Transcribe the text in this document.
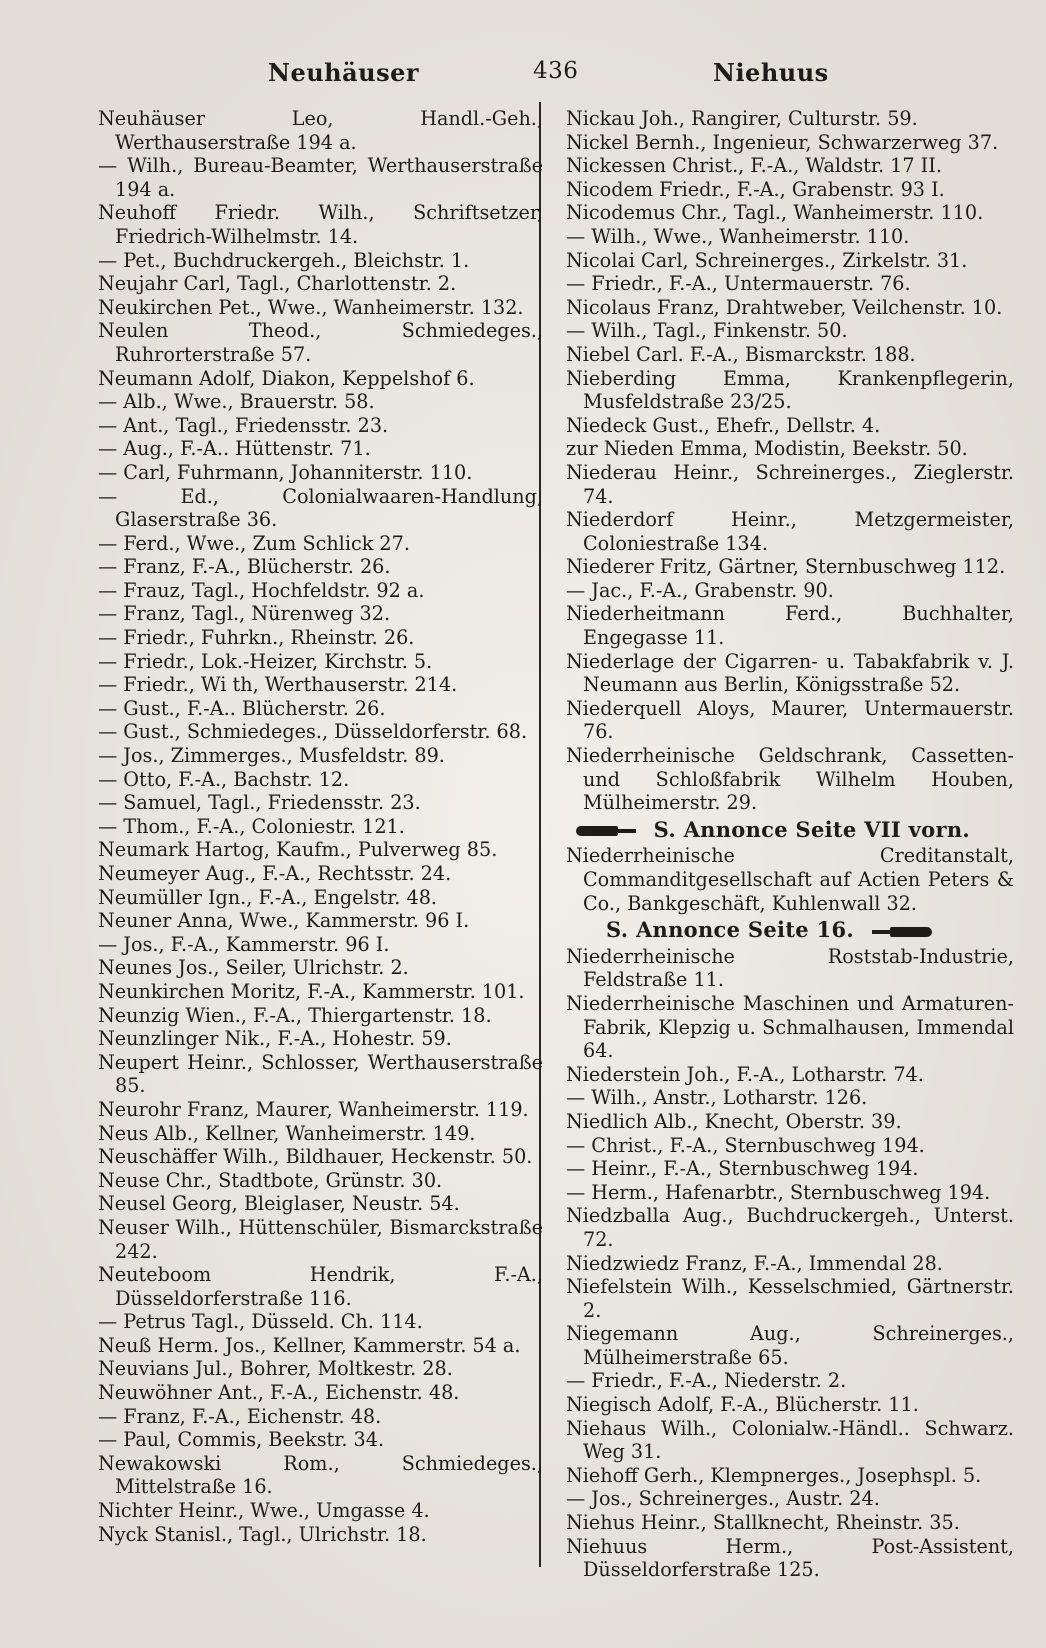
Neuhäuser	436	Niehuus

Neuhäuser Leo, Handl.-Geh., Werthauserstraße 194 a.

— Wilh., Bureau-Beamter, Werthauserstraße 194 a.

Neuhoff Friedr. Wilh., Schriftsetzer, Friedrich-Wilhelmstr. 14.

— Pet., Buchdruckergeh., Bleichstr. 1.

Neujahr Carl, Tagl., Charlottenstr. 2.

Neukirchen Pet., Wwe., Wanheimerstr. 132.

Neulen Theod., Schmiedeges., Ruhrorterstraße 57.

Neumann Adolf, Diakon, Keppelshof 6.

— Alb., Wwe., Brauerstr. 58.

— Ant., Tagl., Friedensstr. 23.

— Aug., F.-A.. Hüttenstr. 71.

— Carl, Fuhrmann, Johanniterstr. 110.

— Ed., Colonialwaaren-Handlung, Glaserstraße 36.

— Ferd., Wwe., Zum Schlick 27.

— Franz, F.-A., Blücherstr. 26.

— Frauz, Tagl., Hochfeldstr. 92 a.

— Franz, Tagl., Nürenweg 32.

— Friedr., Fuhrkn., Rheinstr. 26.

— Friedr., Lok.-Heizer, Kirchstr. 5.

— Friedr., Wi th, Werthauserstr. 214.

— Gust., F.-A.. Blücherstr. 26.

— Gust., Schmiedeges., Düsseldorferstr. 68.

— Jos., Zimmerges., Musfeldstr. 89.

— Otto, F.-A., Bachstr. 12.

— Samuel, Tagl., Friedensstr. 23.

— Thom., F.-A., Coloniestr. 121.

Neumark Hartog, Kaufm., Pulverweg 85.

Neumeyer Aug., F.-A., Rechtsstr. 24.

Neumüller Ign., F.-A., Engelstr. 48.

Neuner Anna, Wwe., Kammerstr. 96 I.

— Jos., F.-A., Kammerstr. 96 I.

Neunes Jos., Seiler, Ulrichstr. 2.

Neunkirchen Moritz, F.-A., Kammerstr. 101.

Neunzig Wien., F.-A., Thiergartenstr. 18.

Neunzlinger Nik., F.-A., Hohestr. 59.

Neupert Heinr., Schlosser, Werthauserstraße 85.

Neurohr Franz, Maurer, Wanheimerstr. 119.

Neus Alb., Kellner, Wanheimerstr. 149.

Neuschäffer Wilh., Bildhauer, Heckenstr. 50.

Neuse Chr., Stadtbote, Grünstr. 30.

Neusel Georg, Bleiglaser, Neustr. 54.

Neuser Wilh., Hüttenschüler, Bismarckstraße 242.

Neuteboom Hendrik, F.-A., Düsseldorferstraße 116.

— Petrus Tagl., Düsseld. Ch. 114.

Neuß Herm. Jos., Kellner, Kammerstr. 54 a.

Neuvians Jul., Bohrer, Moltkestr. 28.

Neuwöhner Ant., F.-A., Eichenstr. 48.

— Franz, F.-A., Eichenstr. 48.

— Paul, Commis, Beekstr. 34.

Newakowski Rom., Schmiedeges., Mittelstraße 16.

Nichter Heinr., Wwe., Umgasse 4.

Nyck Stanisl., Tagl., Ulrichstr. 18.

Nickau Joh., Rangirer, Culturstr. 59.

Nickel Bernh., Ingenieur, Schwarzerweg 37.

Nickessen Christ., F.-A., Waldstr. 17 II.

Nicodem Friedr., F.-A., Grabenstr. 93 I.

Nicodemus Chr., Tagl., Wanheimerstr. 110.

— Wilh., Wwe., Wanheimerstr. 110.

Nicolai Carl, Schreinerges., Zirkelstr. 31.

— Friedr., F.-A., Untermauerstr. 76.

Nicolaus Franz, Drahtweber, Veilchenstr. 10.

— Wilh., Tagl., Finkenstr. 50.

Niebel Carl. F.-A., Bismarckstr. 188.

Nieberding Emma, Krankenpflegerin, Musfeldstraße 23/25.

Niedeck Gust., Ehefr., Dellstr. 4.

zur Nieden Emma, Modistin, Beekstr. 50.

Niederau Heinr., Schreinerges., Zieglerstr. 74.

Niederdorf Heinr., Metzgermeister, Coloniestraße 134.

Niederer Fritz, Gärtner, Sternbuschweg 112.

— Jac., F.-A., Grabenstr. 90.

Niederheitmann Ferd., Buchhalter, Engegasse 11.

Niederlage der Cigarren- u. Tabakfabrik v. J. Neumann aus Berlin, Königsstraße 52.

Niederquell Aloys, Maurer, Untermauerstr. 76.

Niederrheinische Geldschrank, Cassetten- und Schloßfabrik Wilhelm Houben, Mülheimerstr. 29.

S. Annonce Seite VII vorn.

Niederrheinische Creditanstalt, Commanditgesellschaft auf Actien Peters & Co., Bankgeschäft, Kuhlenwall 32.

S. Annonce Seite 16.

Niederrheinische Roststab-Industrie, Feldstraße 11.

Niederrheinische Maschinen und Armaturen-Fabrik, Klepzig u. Schmalhausen, Immendal 64.

Niederstein Joh., F.-A., Lotharstr. 74.

— Wilh., Anstr., Lotharstr. 126.

Niedlich Alb., Knecht, Oberstr. 39.

— Christ., F.-A., Sternbuschweg 194.

— Heinr., F.-A., Sternbuschweg 194.

— Herm., Hafenarbtr., Sternbuschweg 194.

Niedzballa Aug., Buchdruckergeh., Unterst. 72.

Niedzwiedz Franz, F.-A., Immendal 28.

Niefelstein Wilh., Kesselschmied, Gärtnerstr. 2.

Niegemann Aug., Schreinerges., Mülheimerstraße 65.

— Friedr., F.-A., Niederstr. 2.

Niegisch Adolf, F.-A., Blücherstr. 11.

Niehaus Wilh., Colonialw.-Händl.. Schwarz. Weg 31.

Niehoff Gerh., Klempnerges., Josephspl. 5.

— Jos., Schreinerges., Austr. 24.

Niehus Heinr., Stallknecht, Rheinstr. 35.

Niehuus Herm., Post-Assistent, Düsseldorferstraße 125.
